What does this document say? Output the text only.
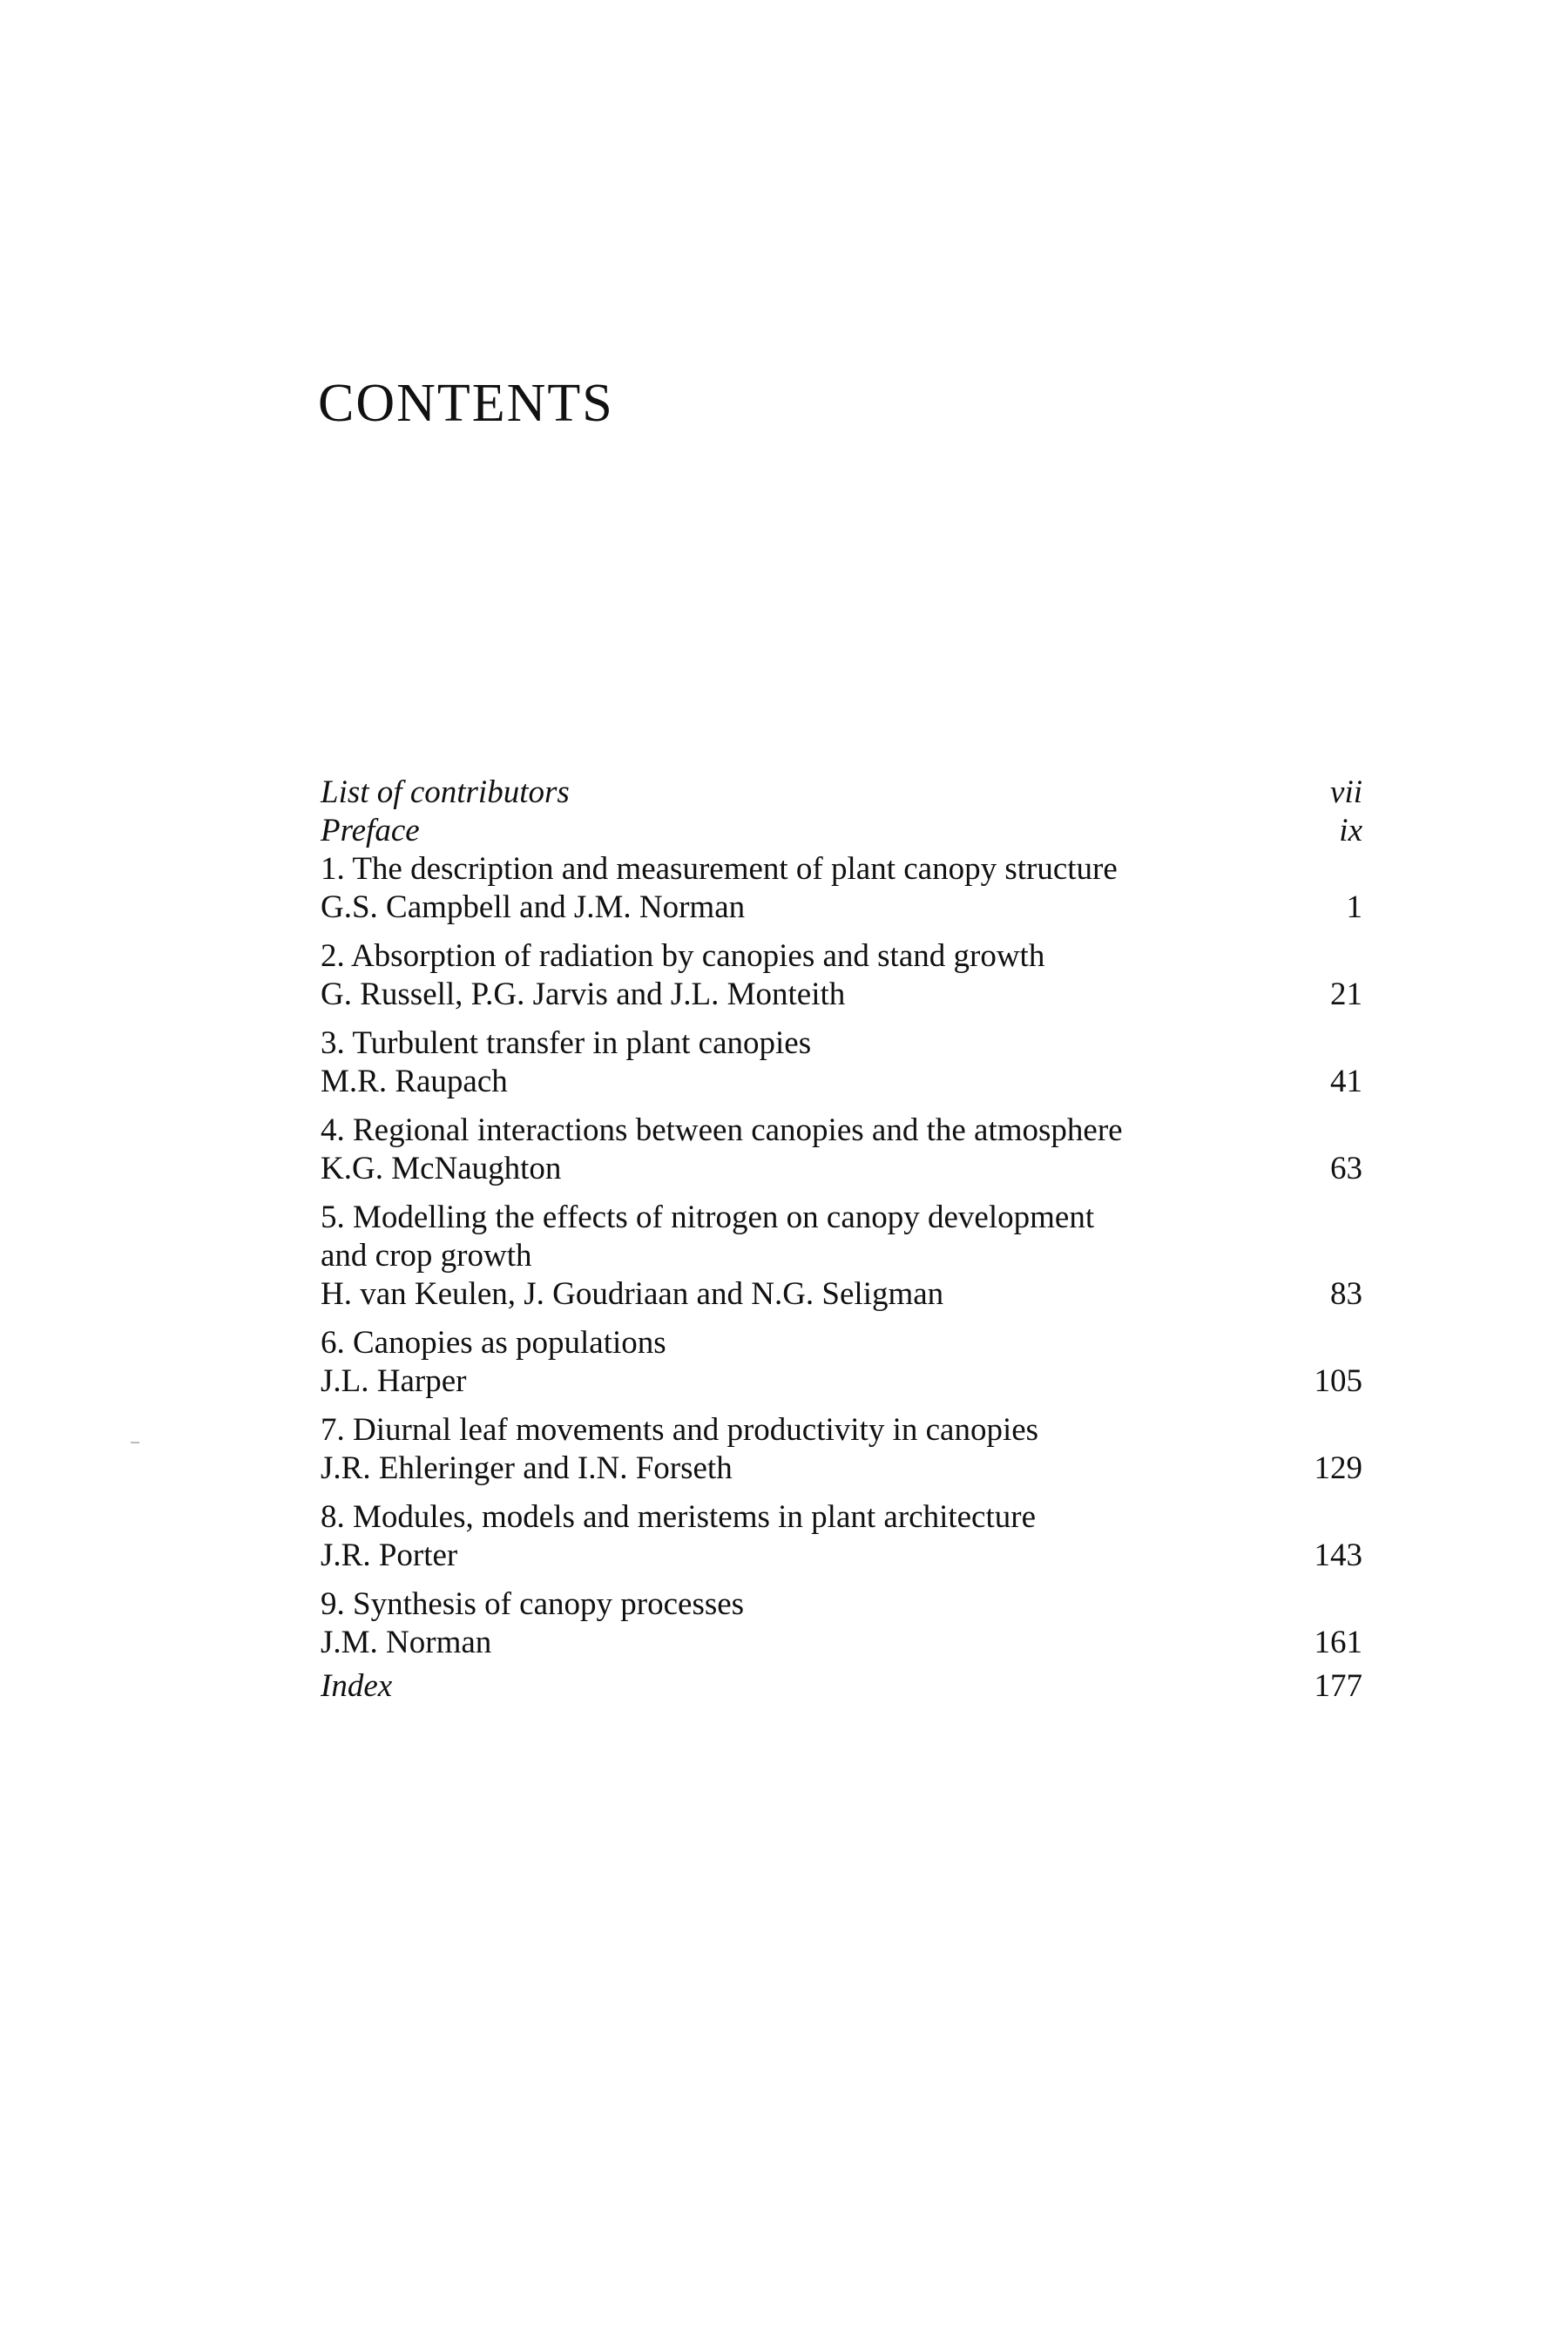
CONTENTS
List of contributors	vii
Preface	ix
1. The description and measurement of plant canopy structure
G.S. Campbell and J.M. Norman	1
2. Absorption of radiation by canopies and stand growth
G. Russell, P.G. Jarvis and J.L. Monteith	21
3. Turbulent transfer in plant canopies
M.R. Raupach	41
4. Regional interactions between canopies and the atmosphere
K.G. McNaughton	63
5. Modelling the effects of nitrogen on canopy development
and crop growth
H. van Keulen, J. Goudriaan and N.G. Seligman	83
6. Canopies as populations
J.L. Harper	105
7. Diurnal leaf movements and productivity in canopies
J.R. Ehleringer and I.N. Forseth	129
8. Modules, models and meristems in plant architecture
J.R. Porter	143
9. Synthesis of canopy processes
J.M. Norman	161
Index	177
